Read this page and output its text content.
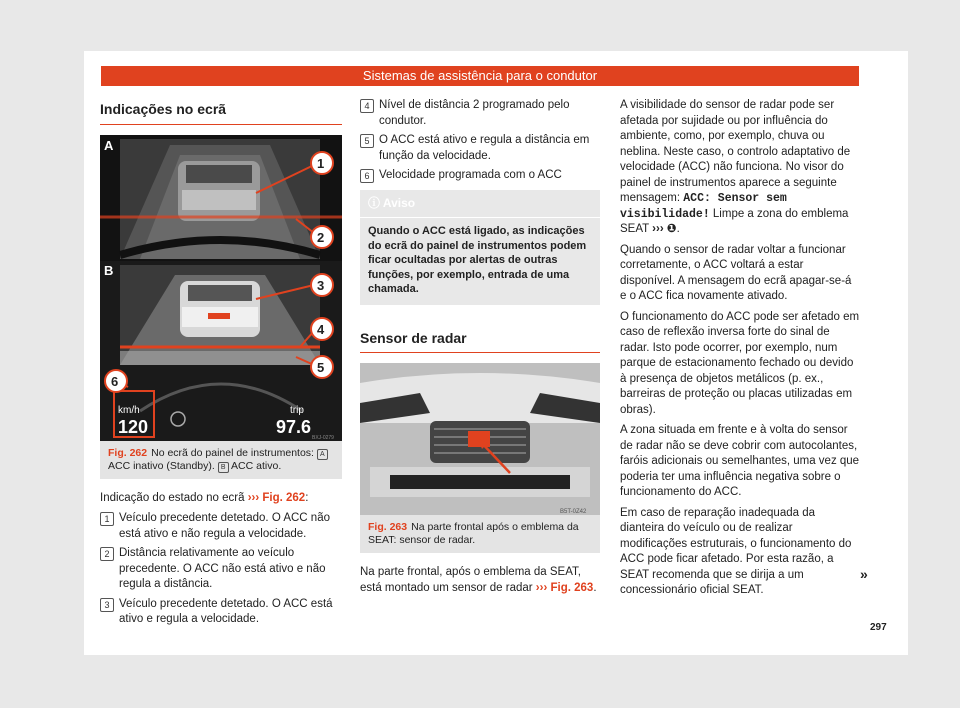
Sistemas de assistência para o condutor
Indicações no ecrã
A
B
km/h
120
trip
97.6
BXJ-0279
1
2
3
4
5
6
Fig. 262 No ecrã do painel de instrumentos: A ACC inativo (Standby). B ACC ativo.

Indicação do estado no ecrã ››› Fig. 262:

1 Veículo precedente detetado. O ACC não está ativo e não regula a velocidade.
2 Distância relativamente ao veículo precedente. O ACC não está ativo e não regula a distância.
3 Veículo precedente detetado. O ACC está ativo e regula a velocidade.
4 Nível de distância 2 programado pelo condutor.
5 O ACC está ativo e regula a distância em função da velocidade.
6 Velocidade programada com o ACC
ⓘ Aviso
Quando o ACC está ligado, as indicações do ecrã do painel de instrumentos podem ficar ocultadas por alertas de outras funções, por exemplo, entrada de uma chamada.
Sensor de radar
B5T-0Z42
Fig. 263 Na parte frontal após o emblema da SEAT: sensor de radar.

Na parte frontal, após o emblema da SEAT, está montado um sensor de radar ››› Fig. 263.

A visibilidade do sensor de radar pode ser afetada por sujidade ou por influência do ambiente, como, por exemplo, chuva ou neblina. Neste caso, o controlo adaptativo de velocidade (ACC) não funciona. No visor do painel de instrumentos aparece a seguinte mensagem: ACC: Sensor sem visibilidade! Limpe a zona do emblema SEAT ››› ❶.

Quando o sensor de radar voltar a funcionar corretamente, o ACC voltará a estar disponível. A mensagem do ecrã apagar-se-á e o ACC fica novamente ativado.

O funcionamento do ACC pode ser afetado em caso de reflexão inversa forte do sinal de radar. Isto pode ocorrer, por exemplo, num parque de estacionamento fechado ou devido à presença de objetos metálicos (p. ex., barreiras de proteção ou placas utilizadas em obras).

A zona situada em frente e à volta do sensor de radar não se deve cobrir com autocolantes, faróis adicionais ou semelhantes, uma vez que poderia ter uma influência negativa sobre o funcionamento do ACC.

Em caso de reparação inadequada da dianteira do veículo ou de realizar modificações estruturais, o funcionamento do ACC pode ficar afetado. Por esta razão, a SEAT recomenda que se dirija a um concessionário oficial SEAT.

»
297
